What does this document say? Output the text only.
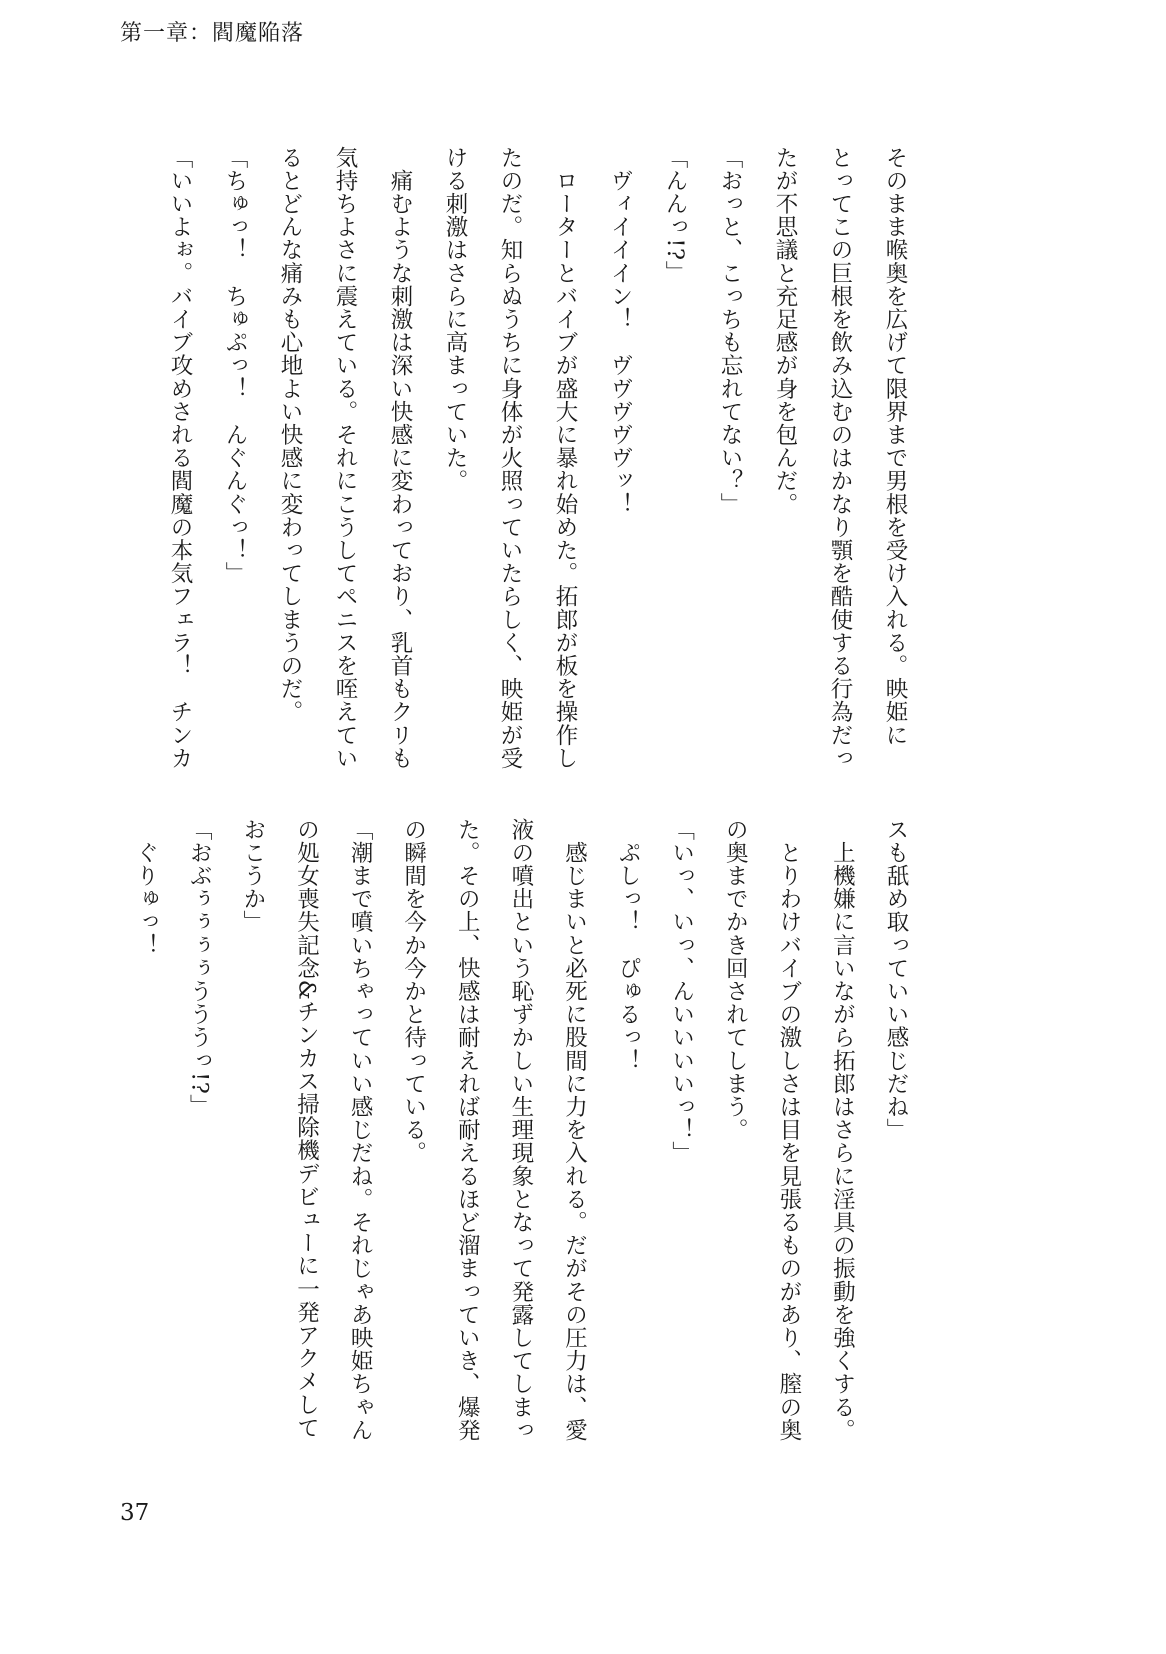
第一章：閻魔陥落
そのまま喉奥を広げて限界まで男根を受け入れる。映姫に
とってこの巨根を飲み込むのはかなり顎を酷使する行為だっ
たが不思議と充足感が身を包んだ。
「おっと、こっちも忘れてない？」
「んんっ!?」
　ヴィイイイン！　ヴヴヴヴヴッ！
　ローターとバイブが盛大に暴れ始めた。拓郎が板を操作し
たのだ。知らぬうちに身体が火照っていたらしく、映姫が受
ける刺激はさらに高まっていた。
　痛むような刺激は深い快感に変わっており、乳首もクリも
気持ちよさに震えている。それにこうしてペニスを咥えてい
るとどんな痛みも心地よい快感に変わってしまうのだ。
「ちゅっ！　ちゅぷっ！　んぐんぐっ！」
「いいよぉ。バイブ攻めされる閻魔の本気フェラ！　チンカ
スも舐め取っていい感じだね」
　上機嫌に言いながら拓郎はさらに淫具の振動を強くする。
　とりわけバイブの激しさは目を見張るものがあり、膣の奥
の奥までかき回されてしまう。
「いっ、いっ、んいいいいっ！」
　ぷしっ！　ぴゅるっ！
　感じまいと必死に股間に力を入れる。だがその圧力は、愛
液の噴出という恥ずかしい生理現象となって発露してしまっ
た。その上、快感は耐えれば耐えるほど溜まっていき、爆発
の瞬間を今か今かと待っている。
「潮まで噴いちゃっていい感じだね。それじゃあ映姫ちゃん
の処女喪失記念&チンカス掃除機デビューに一発アクメして
おこうか」
「おぶぅぅぅぅうううっ!?」
　ぐりゅっ！
37
